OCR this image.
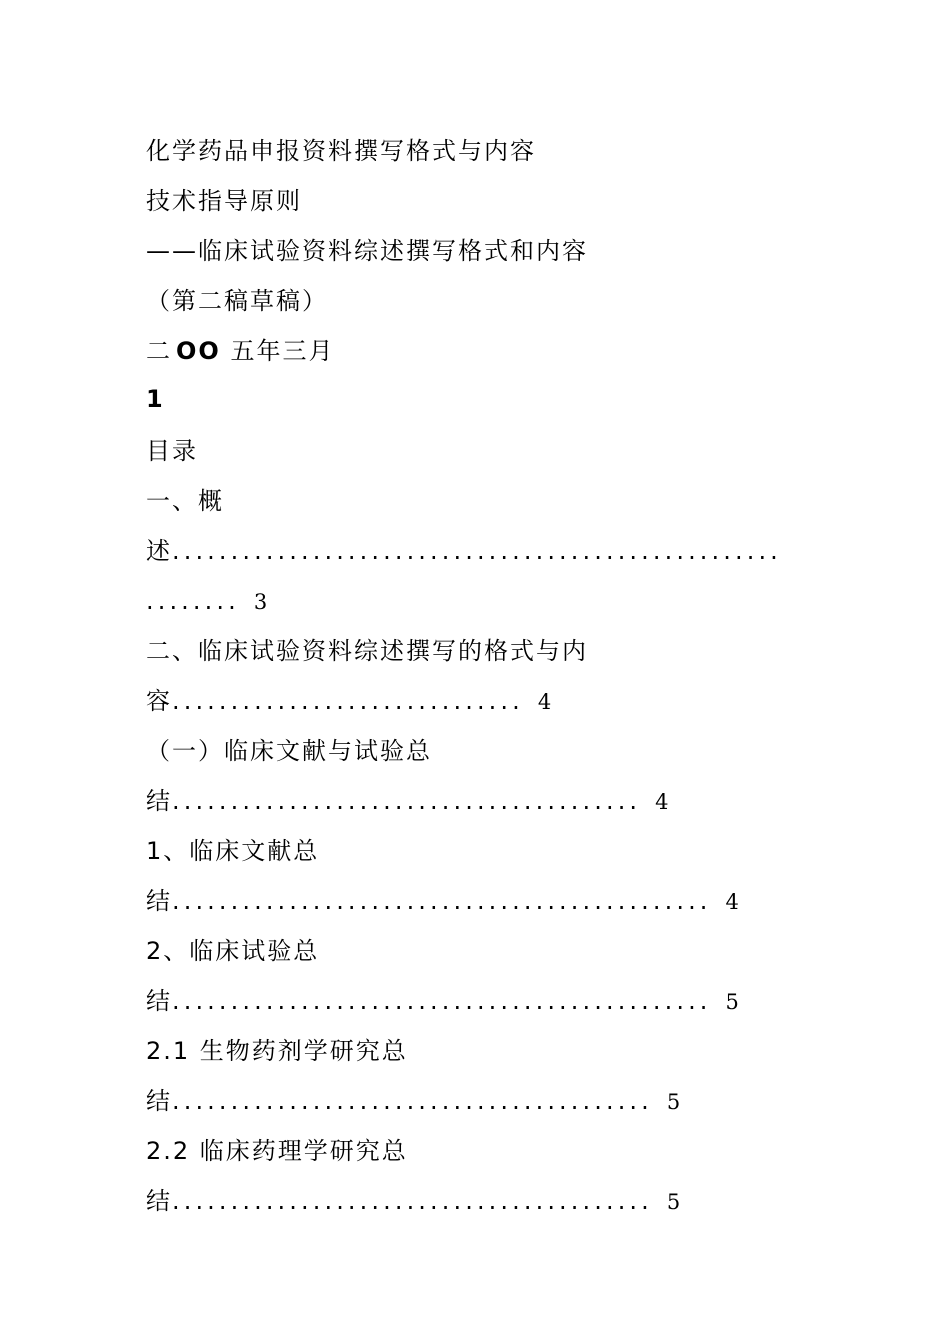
化学药品申报资料撰写格式与内容
技术指导原则
——临床试验资料综述撰写格式和内容
（第二稿草稿）
二 OO 五年三月
1
目录
一、概
述....................................................
........ 3
二、临床试验资料综述撰写的格式与内
容.............................. 4
（一）临床文献与试验总
结........................................ 4
1、临床文献总
结.............................................. 4
2、临床试验总
结.............................................. 5
2.1 生物药剂学研究总
结......................................... 5
2.2 临床药理学研究总
结......................................... 5
